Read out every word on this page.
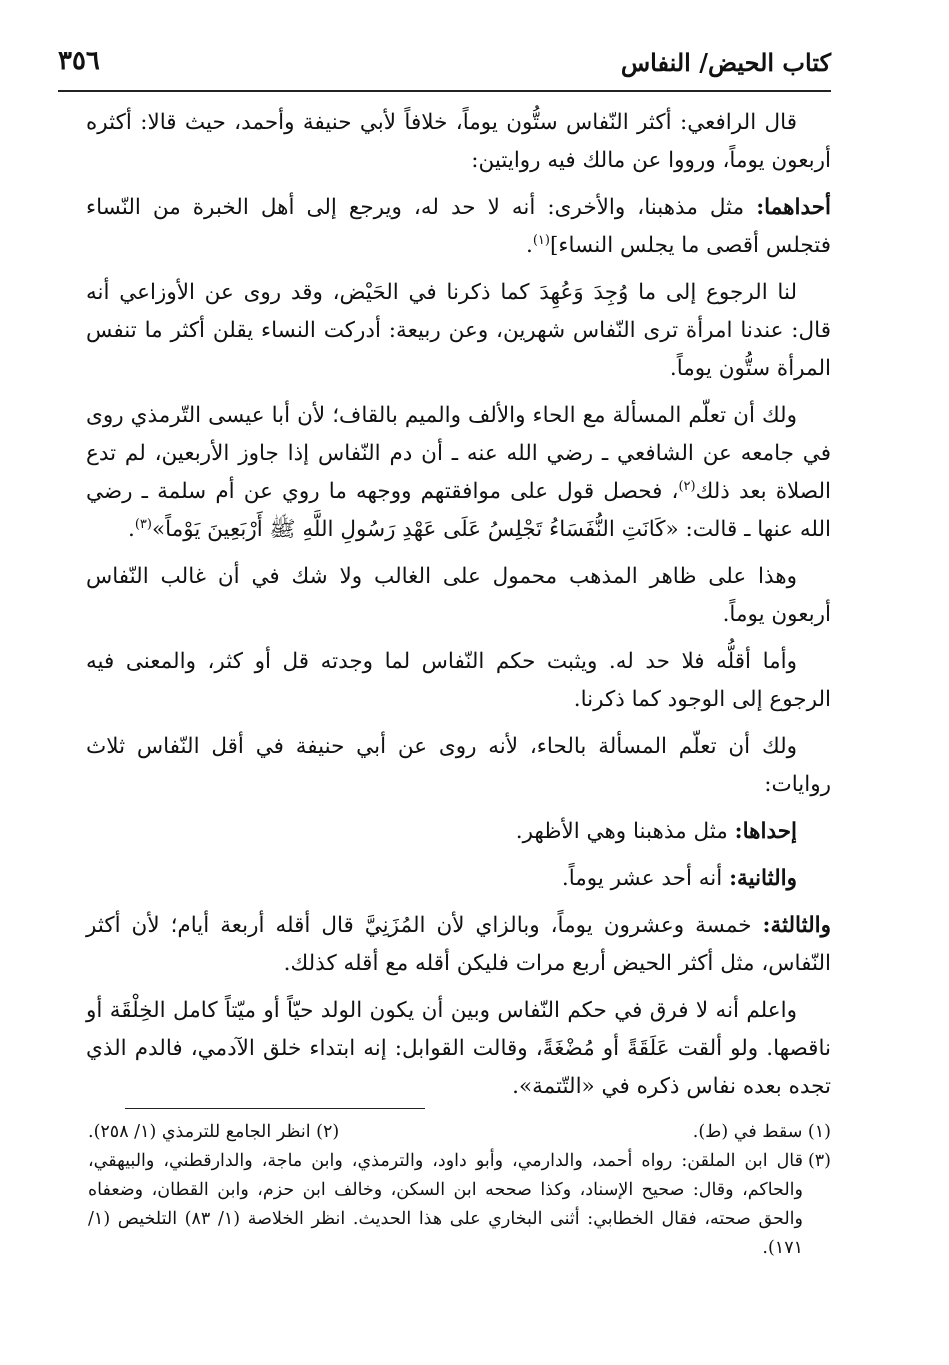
كتاب الحيض/ النفاس
٣٥٦

قال الرافعي: أكثر النّفاس ستُّون يوماً، خلافاً لأبي حنيفة وأحمد، حيث قالا: أكثره أربعون يوماً، ورووا عن مالك فيه روايتين:

أحداهما: مثل مذهبنا، والأخرى: أنه لا حد له، ويرجع إلى أهل الخبرة من النّساء فتجلس أقصى ما يجلس النساء]$^{(١)}$.

لنا الرجوع إلى ما وُجِدَ وَعُهِدَ كما ذكرنا في الحَيْض، وقد روى عن الأوزاعي أنه قال: عندنا امرأة ترى النّفاس شهرين، وعن ربيعة: أدركت النساء يقلن أكثر ما تنفس المرأة ستُّون يوماً.

ولك أن تعلّم المسألة مع الحاء والألف والميم بالقاف؛ لأن أبا عيسى التّرمذي روى في جامعه عن الشافعي ـ رضي الله عنه ـ أن دم النّفاس إذا جاوز الأربعين، لم تدع الصلاة بعد ذلك$^{(٢)}$، فحصل قول على موافقتهم ووجهه ما روي عن أم سلمة ـ رضي الله عنها ـ قالت: «كَانَتِ النُّفَسَاءُ تَجْلِسُ عَلَى عَهْدِ رَسُولِ اللَّهِ ﷺ أَرْبَعِينَ يَوْماً»$^{(٣)}$.

وهذا على ظاهر المذهب محمول على الغالب ولا شك في أن غالب النّفاس أربعون يوماً.

وأما أقلُّه فلا حد له. ويثبت حكم النّفاس لما وجدته قل أو كثر، والمعنى فيه الرجوع إلى الوجود كما ذكرنا.

ولك أن تعلّم المسألة بالحاء، لأنه روى عن أبي حنيفة في أقل النّفاس ثلاث روايات:

إحداها: مثل مذهبنا وهي الأظهر.

والثانية: أنه أحد عشر يوماً.

والثالثة: خمسة وعشرون يوماً، وبالزاي لأن المُزَنِيَّ قال أقله أربعة أيام؛ لأن أكثر النّفاس، مثل أكثر الحيض أربع مرات فليكن أقله مع أقله كذلك.

واعلم أنه لا فرق في حكم النّفاس وبين أن يكون الولد حيّاً أو ميّتاً كامل الخِلْقَة أو ناقصها. ولو ألقت عَلَقَةً أو مُضْغَةً، وقالت القوابل: إنه ابتداء خلق الآدمي، فالدم الذي تجده بعده نفاس ذكره في «التّتمة».

(١) سقط في (ط).
(٢) انظر الجامع للترمذي (١/ ٢٥٨).
(٣)
قال ابن الملقن: رواه أحمد، والدارمي، وأبو داود، والترمذي، وابن ماجة، والدارقطني، والبيهقي، والحاكم، وقال: صحيح الإسناد، وكذا صححه ابن السكن، وخالف ابن حزم، وابن القطان، وضعفاه والحق صحته، فقال الخطابي: أثنى البخاري على هذا الحديث. انظر الخلاصة (١/ ٨٣) التلخيص (١/ ١٧١).
